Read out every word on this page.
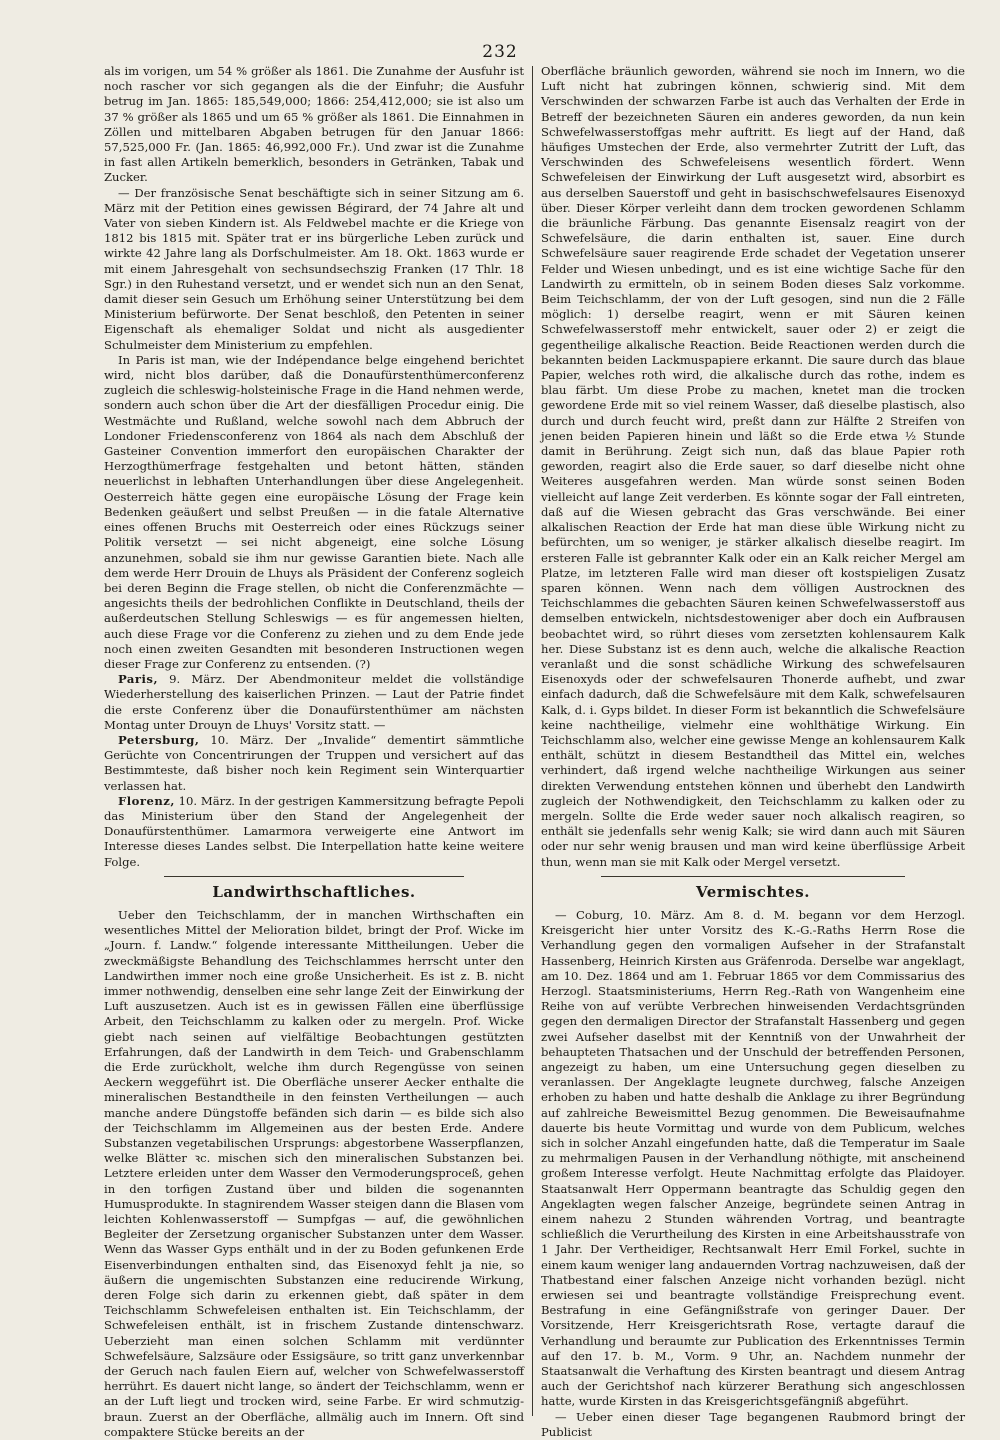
232

als im vorigen, um 54 % größer als 1861. Die Zunahme der Ausfuhr ist noch rascher vor sich gegangen als die der Einfuhr; die Ausfuhr betrug im Jan. 1865: 185,549,000; 1866: 254,412,000; sie ist also um 37 % größer als 1865 und um 65 % größer als 1861. Die Einnahmen in Zöllen und mittelbaren Abgaben betrugen für den Januar 1866: 57,525,000 Fr. (Jan. 1865: 46,992,000 Fr.). Und zwar ist die Zunahme in fast allen Artikeln bemerklich, besonders in Getränken, Tabak und Zucker.

— Der französische Senat beschäftigte sich in seiner Sitzung am 6. März mit der Petition eines gewissen Bégirard, der 74 Jahre alt und Vater von sieben Kindern ist. Als Feldwebel machte er die Kriege von 1812 bis 1815 mit. Später trat er ins bürgerliche Leben zurück und wirkte 42 Jahre lang als Dorfschulmeister. Am 18. Okt. 1863 wurde er mit einem Jahresgehalt von sechsundsechszig Franken (17 Thlr. 18 Sgr.) in den Ruhestand versetzt, und er wendet sich nun an den Senat, damit dieser sein Gesuch um Erhöhung seiner Unterstützung bei dem Ministerium befürworte. Der Senat beschloß, den Petenten in seiner Eigenschaft als ehemaliger Soldat und nicht als ausgedienter Schulmeister dem Ministerium zu empfehlen.

In Paris ist man, wie der Indépendance belge eingehend berichtet wird, nicht blos darüber, daß die Donaufürstenthümerconferenz zugleich die schleswig-holsteinische Frage in die Hand nehmen werde, sondern auch schon über die Art der diesfälligen Procedur einig. Die Westmächte und Rußland, welche sowohl nach dem Abbruch der Londoner Friedensconferenz von 1864 als nach dem Abschluß der Gasteiner Convention immerfort den europäischen Charakter der Herzogthümerfrage festgehalten und betont hätten, ständen neuerlichst in lebhaften Unterhandlungen über diese Angelegenheit. Oesterreich hätte gegen eine europäische Lösung der Frage kein Bedenken geäußert und selbst Preußen — in die fatale Alternative eines offenen Bruchs mit Oesterreich oder eines Rückzugs seiner Politik versetzt — sei nicht abgeneigt, eine solche Lösung anzunehmen, sobald sie ihm nur gewisse Garantien biete. Nach alle dem werde Herr Drouin de Lhuys als Präsident der Conferenz sogleich bei deren Beginn die Frage stellen, ob nicht die Conferenzmächte — angesichts theils der bedrohlichen Conflikte in Deutschland, theils der außerdeutschen Stellung Schleswigs — es für angemessen hielten, auch diese Frage vor die Conferenz zu ziehen und zu dem Ende jede noch einen zweiten Gesandten mit besonderen Instructionen wegen dieser Frage zur Conferenz zu entsenden. (?)

Paris, 9. März. Der Abendmoniteur meldet die vollständige Wiederherstellung des kaiserlichen Prinzen. — Laut der Patrie findet die erste Conferenz über die Donaufürstenthümer am nächsten Montag unter Drouyn de Lhuys' Vorsitz statt. —

Petersburg, 10. März. Der „Invalide“ dementirt sämmtliche Gerüchte von Concentrirungen der Truppen und versichert auf das Bestimmteste, daß bisher noch kein Regiment sein Winterquartier verlassen hat.

Florenz, 10. März. In der gestrigen Kammersitzung befragte Pepoli das Ministerium über den Stand der Angelegenheit der Donaufürstenthümer. Lamarmora verweigerte eine Antwort im Interesse dieses Landes selbst. Die Interpellation hatte keine weitere Folge.

Landwirthschaftliches.

Ueber den Teichschlamm, der in manchen Wirthschaften ein wesentliches Mittel der Melioration bildet, bringt der Prof. Wicke im „Journ. f. Landw.“ folgende interessante Mittheilungen. Ueber die zweckmäßigste Behandlung des Teichschlammes herrscht unter den Landwirthen immer noch eine große Unsicherheit. Es ist z. B. nicht immer nothwendig, denselben eine sehr lange Zeit der Einwirkung der Luft auszusetzen. Auch ist es in gewissen Fällen eine überflüssige Arbeit, den Teichschlamm zu kalken oder zu mergeln. Prof. Wicke giebt nach seinen auf vielfältige Beobachtungen gestützten Erfahrungen, daß der Landwirth in dem Teich- und Grabenschlamm die Erde zurückholt, welche ihm durch Regengüsse von seinen Aeckern weggeführt ist. Die Oberfläche unserer Aecker enthalte die mineralischen Bestandtheile in den feinsten Vertheilungen — auch manche andere Düngstoffe befänden sich darin — es bilde sich also der Teichschlamm im Allgemeinen aus der besten Erde. Andere Substanzen vegetabilischen Ursprungs: abgestorbene Wasserpflanzen, welke Blätter ꝛc. mischen sich den mineralischen Substanzen bei. Letztere erleiden unter dem Wasser den Vermoderungsproceß, gehen in den torfigen Zustand über und bilden die sogenannten Humusprodukte. In stagnirendem Wasser steigen dann die Blasen vom leichten Kohlenwasserstoff — Sumpfgas — auf, die gewöhnlichen Begleiter der Zersetzung organischer Substanzen unter dem Wasser. Wenn das Wasser Gyps enthält und in der zu Boden gefunkenen Erde Eisenverbindungen enthalten sind, das Eisenoxyd fehlt ja nie, so äußern die ungemischten Substanzen eine reducirende Wirkung, deren Folge sich darin zu erkennen giebt, daß später in dem Teichschlamm Schwefeleisen enthalten ist. Ein Teichschlamm, der Schwefeleisen enthält, ist in frischem Zustande dintenschwarz. Ueberzieht man einen solchen Schlamm mit verdünnter Schwefelsäure, Salzsäure oder Essigsäure, so tritt ganz unverkennbar der Geruch nach faulen Eiern auf, welcher von Schwefelwasserstoff herrührt. Es dauert nicht lange, so ändert der Teichschlamm, wenn er an der Luft liegt und trocken wird, seine Farbe. Er wird schmutzig-braun. Zuerst an der Oberfläche, allmälig auch im Innern. Oft sind compaktere Stücke bereits an der

Oberfläche bräunlich geworden, während sie noch im Innern, wo die Luft nicht hat zubringen können, schwierig sind. Mit dem Verschwinden der schwarzen Farbe ist auch das Verhalten der Erde in Betreff der bezeichneten Säuren ein anderes geworden, da nun kein Schwefelwasserstoffgas mehr auftritt. Es liegt auf der Hand, daß häufiges Umstechen der Erde, also vermehrter Zutritt der Luft, das Verschwinden des Schwefeleisens wesentlich fördert. Wenn Schwefeleisen der Einwirkung der Luft ausgesetzt wird, absorbirt es aus derselben Sauerstoff und geht in basischschwefelsaures Eisenoxyd über. Dieser Körper verleiht dann dem trocken gewordenen Schlamm die bräunliche Färbung. Das genannte Eisensalz reagirt von der Schwefelsäure, die darin enthalten ist, sauer. Eine durch Schwefelsäure sauer reagirende Erde schadet der Vegetation unserer Felder und Wiesen unbedingt, und es ist eine wichtige Sache für den Landwirth zu ermitteln, ob in seinem Boden dieses Salz vorkomme. Beim Teichschlamm, der von der Luft gesogen, sind nun die 2 Fälle möglich: 1) derselbe reagirt, wenn er mit Säuren keinen Schwefelwasserstoff mehr entwickelt, sauer oder 2) er zeigt die gegentheilige alkalische Reaction. Beide Reactionen werden durch die bekannten beiden Lackmuspapiere erkannt. Die saure durch das blaue Papier, welches roth wird, die alkalische durch das rothe, indem es blau färbt. Um diese Probe zu machen, knetet man die trocken gewordene Erde mit so viel reinem Wasser, daß dieselbe plastisch, also durch und durch feucht wird, preßt dann zur Hälfte 2 Streifen von jenen beiden Papieren hinein und läßt so die Erde etwa ½ Stunde damit in Berührung. Zeigt sich nun, daß das blaue Papier roth geworden, reagirt also die Erde sauer, so darf dieselbe nicht ohne Weiteres ausgefahren werden. Man würde sonst seinen Boden vielleicht auf lange Zeit verderben. Es könnte sogar der Fall eintreten, daß auf die Wiesen gebracht das Gras verschwände. Bei einer alkalischen Reaction der Erde hat man diese üble Wirkung nicht zu befürchten, um so weniger, je stärker alkalisch dieselbe reagirt. Im ersteren Falle ist gebrannter Kalk oder ein an Kalk reicher Mergel am Platze, im letzteren Falle wird man dieser oft kostspieligen Zusatz sparen können. Wenn nach dem völligen Austrocknen des Teichschlammes die gebachten Säuren keinen Schwefelwasserstoff aus demselben entwickeln, nichtsdestoweniger aber doch ein Aufbrausen beobachtet wird, so rührt dieses vom zersetzten kohlensaurem Kalk her. Diese Substanz ist es denn auch, welche die alkalische Reaction veranlaßt und die sonst schädliche Wirkung des schwefelsauren Eisenoxyds oder der schwefelsauren Thonerde aufhebt, und zwar einfach dadurch, daß die Schwefelsäure mit dem Kalk, schwefelsauren Kalk, d. i. Gyps bildet. In dieser Form ist bekanntlich die Schwefelsäure keine nachtheilige, vielmehr eine wohlthätige Wirkung. Ein Teichschlamm also, welcher eine gewisse Menge an kohlensaurem Kalk enthält, schützt in diesem Bestandtheil das Mittel ein, welches verhindert, daß irgend welche nachtheilige Wirkungen aus seiner direkten Verwendung entstehen können und überhebt den Landwirth zugleich der Nothwendigkeit, den Teichschlamm zu kalken oder zu mergeln. Sollte die Erde weder sauer noch alkalisch reagiren, so enthält sie jedenfalls sehr wenig Kalk; sie wird dann auch mit Säuren oder nur sehr wenig brausen und man wird keine überflüssige Arbeit thun, wenn man sie mit Kalk oder Mergel versetzt.

Vermischtes.

— Coburg, 10. März. Am 8. d. M. begann vor dem Herzogl. Kreisgericht hier unter Vorsitz des K.-G.-Raths Herrn Rose die Verhandlung gegen den vormaligen Aufseher in der Strafanstalt Hassenberg, Heinrich Kirsten aus Gräfenroda. Derselbe war angeklagt, am 10. Dez. 1864 und am 1. Februar 1865 vor dem Commissarius des Herzogl. Staatsministeriums, Herrn Reg.-Rath von Wangenheim eine Reihe von auf verübte Verbrechen hinweisenden Verdachtsgründen gegen den dermaligen Director der Strafanstalt Hassenberg und gegen zwei Aufseher daselbst mit der Kenntniß von der Unwahrheit der behaupteten Thatsachen und der Unschuld der betreffenden Personen, angezeigt zu haben, um eine Untersuchung gegen dieselben zu veranlassen. Der Angeklagte leugnete durchweg, falsche Anzeigen erhoben zu haben und hatte deshalb die Anklage zu ihrer Begründung auf zahlreiche Beweismittel Bezug genommen. Die Beweisaufnahme dauerte bis heute Vormittag und wurde von dem Publicum, welches sich in solcher Anzahl eingefunden hatte, daß die Temperatur im Saale zu mehrmaligen Pausen in der Verhandlung nöthigte, mit anscheinend großem Interesse verfolgt. Heute Nachmittag erfolgte das Plaidoyer. Staatsanwalt Herr Oppermann beantragte das Schuldig gegen den Angeklagten wegen falscher Anzeige, begründete seinen Antrag in einem nahezu 2 Stunden währenden Vortrag, und beantragte schließlich die Verurtheilung des Kirsten in eine Arbeitshausstrafe von 1 Jahr. Der Vertheidiger, Rechtsanwalt Herr Emil Forkel, suchte in einem kaum weniger lang andauernden Vortrag nachzuweisen, daß der Thatbestand einer falschen Anzeige nicht vorhanden bezügl. nicht erwiesen sei und beantragte vollständige Freisprechung event. Bestrafung in eine Gefängnißstrafe von geringer Dauer. Der Vorsitzende, Herr Kreisgerichtsrath Rose, vertagte darauf die Verhandlung und beraumte zur Publication des Erkenntnisses Termin auf den 17. b. M., Vorm. 9 Uhr, an. Nachdem nunmehr der Staatsanwalt die Verhaftung des Kirsten beantragt und diesem Antrag auch der Gerichtshof nach kürzerer Berathung sich angeschlossen hatte, wurde Kirsten in das Kreisgerichtsgefängniß abgeführt.

— Ueber einen dieser Tage begangenen Raubmord bringt der Publicist
